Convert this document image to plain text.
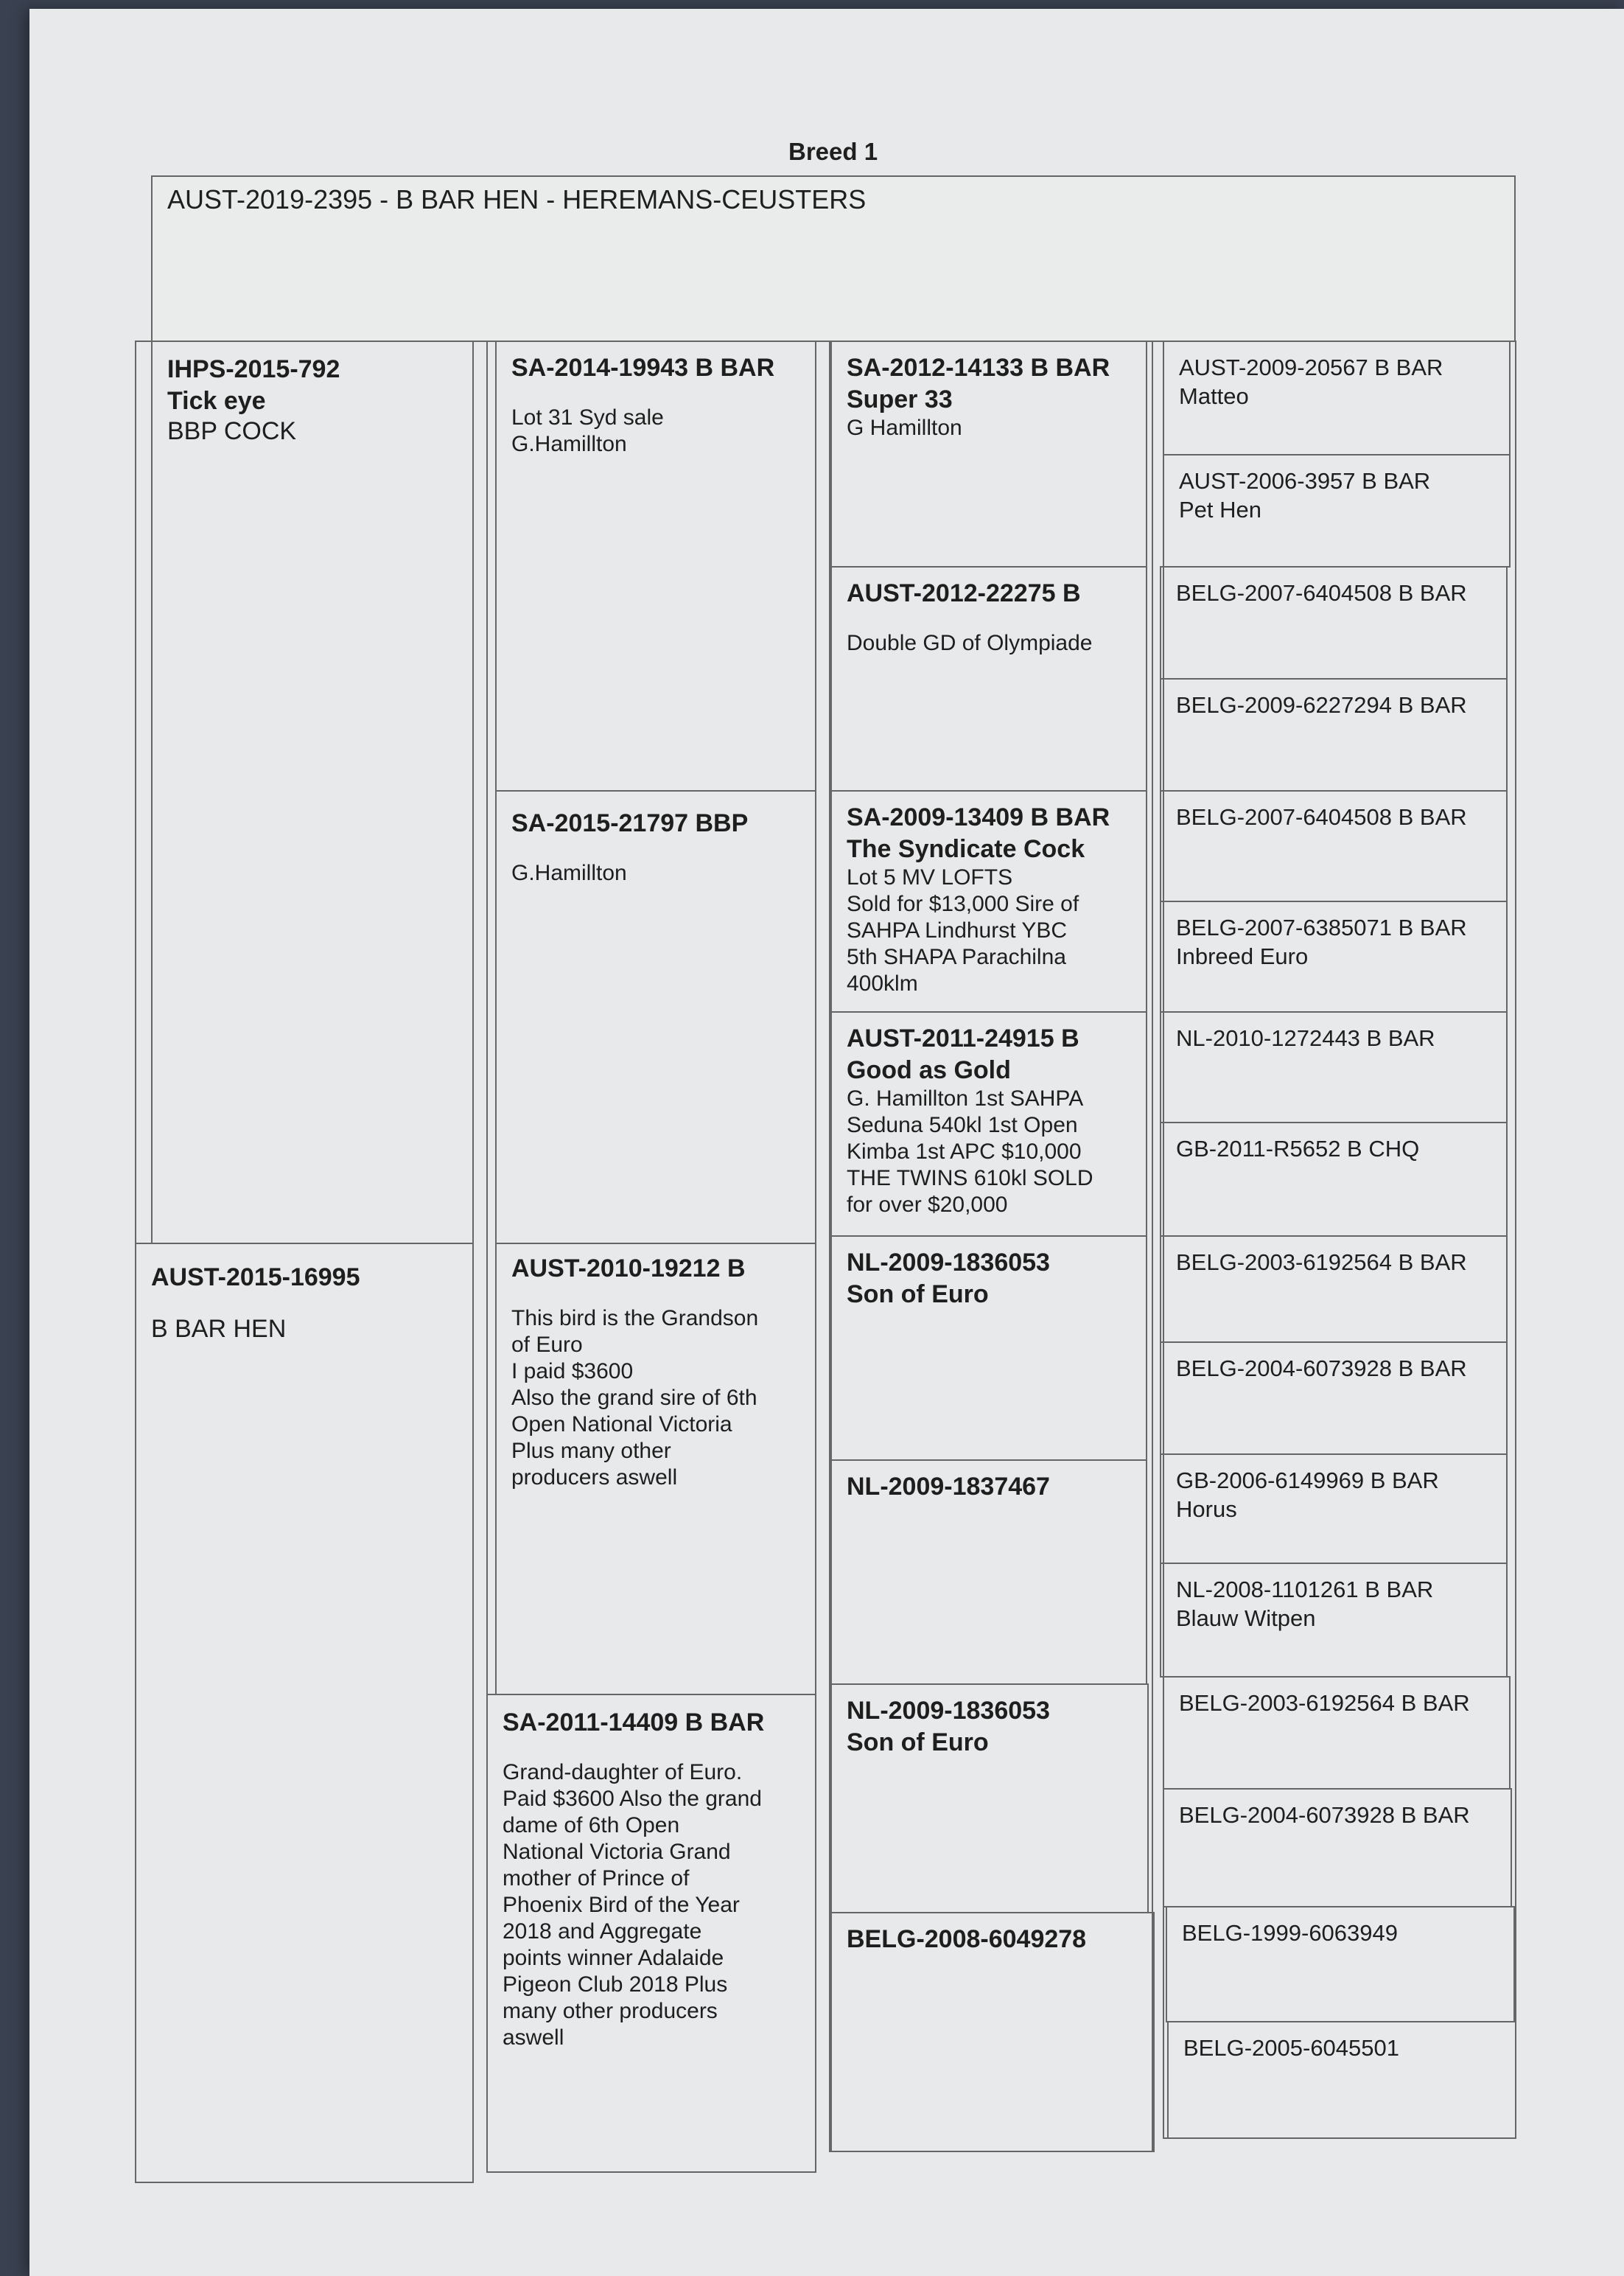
Breed 1
AUST-2019-2395 - B BAR HEN - HEREMANS-CEUSTERS
IHPS-2015-792
Tick eye
BBP COCK
AUST-2015-16995
B BAR HEN
SA-2014-19943 B BAR
Lot 31 Syd sale
G.Hamillton
SA-2015-21797 BBP
G.Hamillton
AUST-2010-19212 B
This bird is the Grandson
of Euro
I paid $3600
Also the grand sire of 6th
Open National Victoria
Plus many other
producers aswell
SA-2011-14409 B BAR
Grand-daughter of Euro.
Paid $3600 Also the grand
dame of 6th Open
National Victoria Grand
mother of Prince of
Phoenix Bird of the Year
2018 and Aggregate
points winner Adalaide
Pigeon Club 2018 Plus
many other producers
aswell
SA-2012-14133 B BAR
Super 33
G Hamillton
AUST-2012-22275 B
Double GD of Olympiade
SA-2009-13409 B BAR
The Syndicate Cock
Lot 5 MV LOFTS
Sold for $13,000 Sire of
SAHPA Lindhurst YBC
5th SHAPA Parachilna
400klm
AUST-2011-24915 B
Good as Gold
G. Hamillton 1st SAHPA
Seduna 540kl 1st Open
Kimba 1st APC $10,000
THE TWINS 610kl SOLD
for over $20,000
NL-2009-1836053
Son of Euro
NL-2009-1837467
NL-2009-1836053
Son of Euro
BELG-2008-6049278
AUST-2009-20567 B BAR
Matteo
AUST-2006-3957 B BAR
Pet Hen
BELG-2007-6404508 B BAR
BELG-2009-6227294 B BAR
BELG-2007-6404508 B BAR
BELG-2007-6385071 B BAR
Inbreed Euro
NL-2010-1272443 B BAR
GB-2011-R5652 B CHQ
BELG-2003-6192564 B BAR
BELG-2004-6073928 B BAR
GB-2006-6149969 B BAR
Horus
NL-2008-1101261 B BAR
Blauw Witpen
BELG-2003-6192564 B BAR
BELG-2004-6073928 B BAR
BELG-1999-6063949
BELG-2005-6045501
